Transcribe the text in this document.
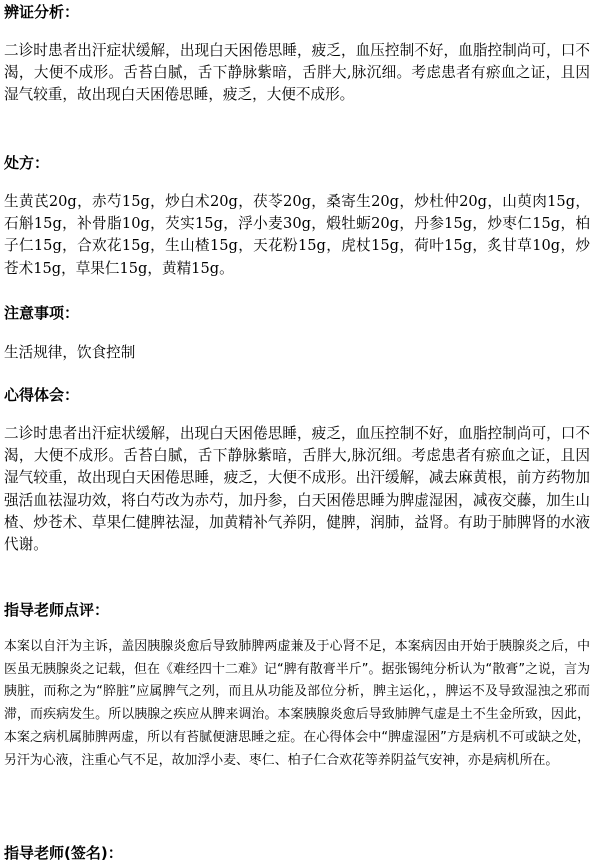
辨证分析：

二诊时患者出汗症状缓解，出现白天困倦思睡，疲乏，血压控制不好，血脂控制尚可，口不渴，大便不成形。舌苔白腻，舌下静脉紫暗，舌胖大,脉沉细。考虑患者有瘀血之证，且因湿气较重，故出现白天困倦思睡，疲乏，大便不成形。

处方：

生黄芪20g，赤芍15g，炒白术20g，茯苓20g，桑寄生20g，炒杜仲20g，山萸肉15g，石斛15g，补骨脂10g，芡实15g，浮小麦30g，煅牡蛎20g，丹参15g，炒枣仁15g，柏子仁15g，合欢花15g，生山楂15g，天花粉15g，虎杖15g，荷叶15g，炙甘草10g，炒苍术15g，草果仁15g，黄精15g。

注意事项：

生活规律，饮食控制

心得体会：

二诊时患者出汗症状缓解，出现白天困倦思睡，疲乏，血压控制不好，血脂控制尚可，口不渴，大便不成形。舌苔白腻，舌下静脉紫暗，舌胖大,脉沉细。考虑患者有瘀血之证，且因湿气较重，故出现白天困倦思睡，疲乏，大便不成形。出汗缓解，减去麻黄根，前方药物加强活血祛湿功效，将白芍改为赤芍，加丹参，白天困倦思睡为脾虚湿困，减夜交藤，加生山楂、炒苍术、草果仁健脾祛湿，加黄精补气养阴，健脾，润肺，益肾。有助于肺脾肾的水液代谢。

指导老师点评：

本案以自汗为主诉，盖因胰腺炎愈后导致肺脾两虚兼及于心肾不足，本案病因由开始于胰腺炎之后，中医虽无胰腺炎之记载，但在《难经四十二难》记“脾有散膏半斤”。据张锡纯分析认为“散膏”之说，言为胰脏，而称之为“脺脏”应属脾气之列，而且从功能及部位分析，脾主运化，，脾运不及导致湿浊之邪而滞，而疾病发生。所以胰腺之疾应从脾来调治。本案胰腺炎愈后导致肺脾气虚是土不生金所致，因此，本案之病机属肺脾两虚，所以有苔腻便溏思睡之症。在心得体会中“脾虚湿困”方是病机不可或缺之处，另汗为心液，注重心气不足，故加浮小麦、枣仁、柏子仁合欢花等养阴益气安神，亦是病机所在。

指导老师(签名)：
